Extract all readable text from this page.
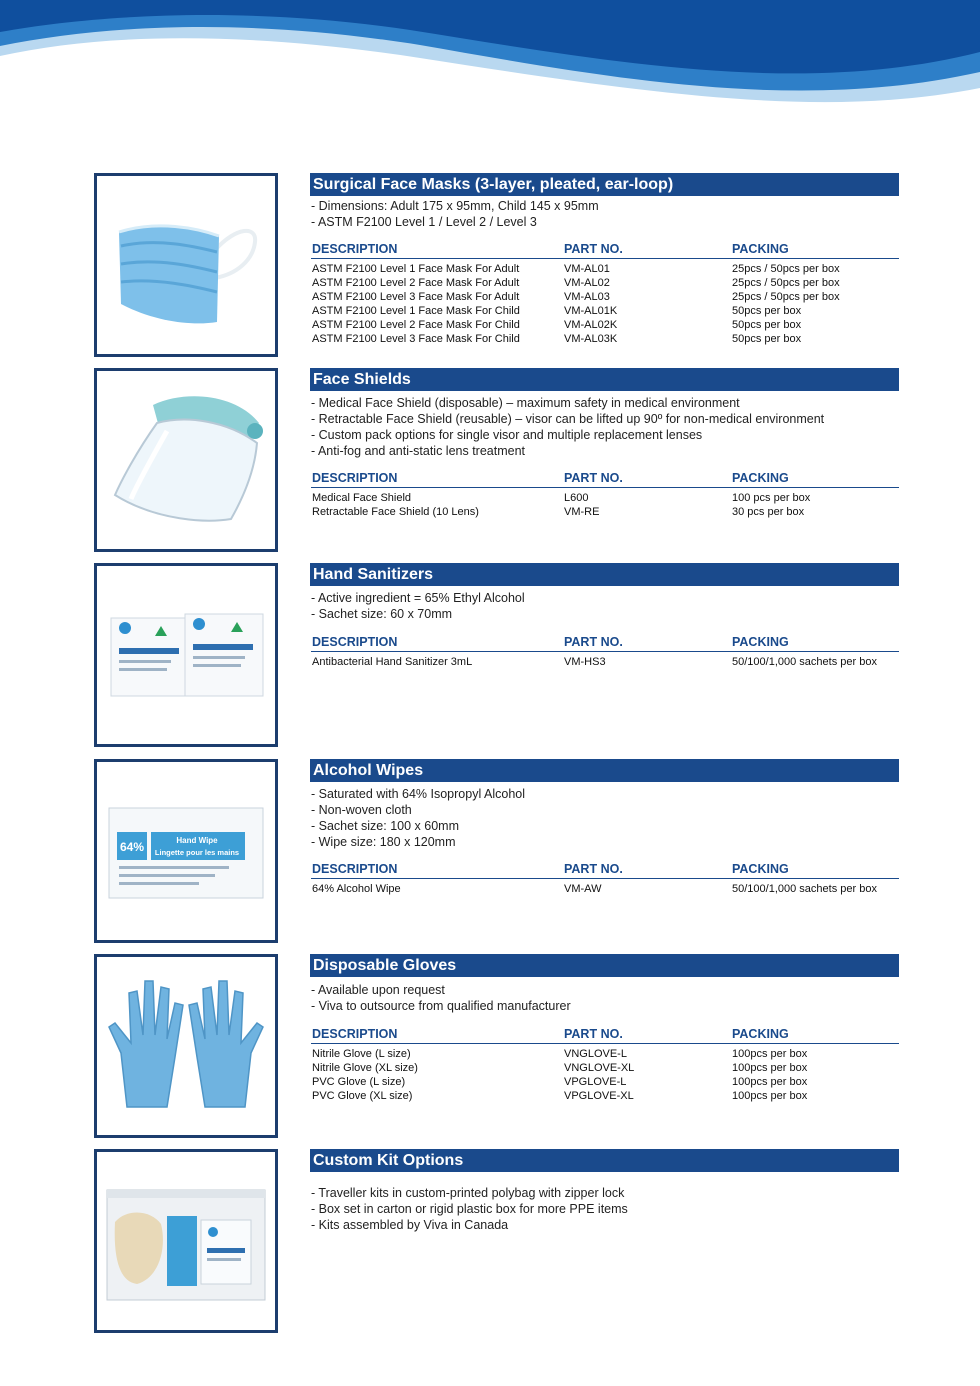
Surgical Face Masks (3-layer, pleated, ear-loop)
- Dimensions: Adult 175 x 95mm, Child 145 x 95mm
- ASTM F2100 Level 1 / Level 2 / Level 3
DESCRIPTION	PART NO.	PACKING
ASTM F2100 Level 1 Face Mask For Adult	VM-AL01	25pcs / 50pcs per box
ASTM F2100 Level 2 Face Mask For Adult	VM-AL02	25pcs / 50pcs per box
ASTM F2100 Level 3 Face Mask For Adult	VM-AL03	25pcs / 50pcs per box
ASTM F2100 Level 1 Face Mask For Child	VM-AL01K	50pcs per box
ASTM F2100 Level 2 Face Mask For Child	VM-AL02K	50pcs per box
ASTM F2100 Level 3 Face Mask For Child	VM-AL03K	50pcs per box
Face Shields
- Medical Face Shield (disposable) – maximum safety in medical environment
- Retractable Face Shield (reusable) – visor can be lifted up 90º for non-medical environment
- Custom pack options for single visor and multiple replacement lenses
- Anti-fog and anti-static lens treatment
DESCRIPTION	PART NO.	PACKING
Medical Face Shield	L600	100 pcs per box
Retractable Face Shield (10 Lens)	VM-RE	30 pcs per box
Hand Sanitizers
- Active ingredient = 65% Ethyl Alcohol
- Sachet size: 60 x 70mm
DESCRIPTION	PART NO.	PACKING
Antibacterial Hand Sanitizer 3mL	VM-HS3	50/100/1,000 sachets per box
64%	Hand Wipe
Lingette pour les mains
Alcohol Wipes
- Saturated with 64% Isopropyl Alcohol
- Non-woven cloth
- Sachet size: 100 x 60mm
- Wipe size: 180 x 120mm
DESCRIPTION	PART NO.	PACKING
64% Alcohol Wipe	VM-AW	50/100/1,000 sachets per box
Disposable Gloves
- Available upon request
- Viva to outsource from qualified manufacturer
DESCRIPTION	PART NO.	PACKING
Nitrile Glove (L size)	VNGLOVE-L	100pcs per box
Nitrile Glove (XL size)	VNGLOVE-XL	100pcs per box
PVC Glove (L size)	VPGLOVE-L	100pcs per box
PVC Glove (XL size)	VPGLOVE-XL	100pcs per box
Custom Kit Options
- Traveller kits in custom-printed polybag with zipper lock
- Box set in carton or rigid plastic box for more PPE items
- Kits assembled by Viva in Canada
